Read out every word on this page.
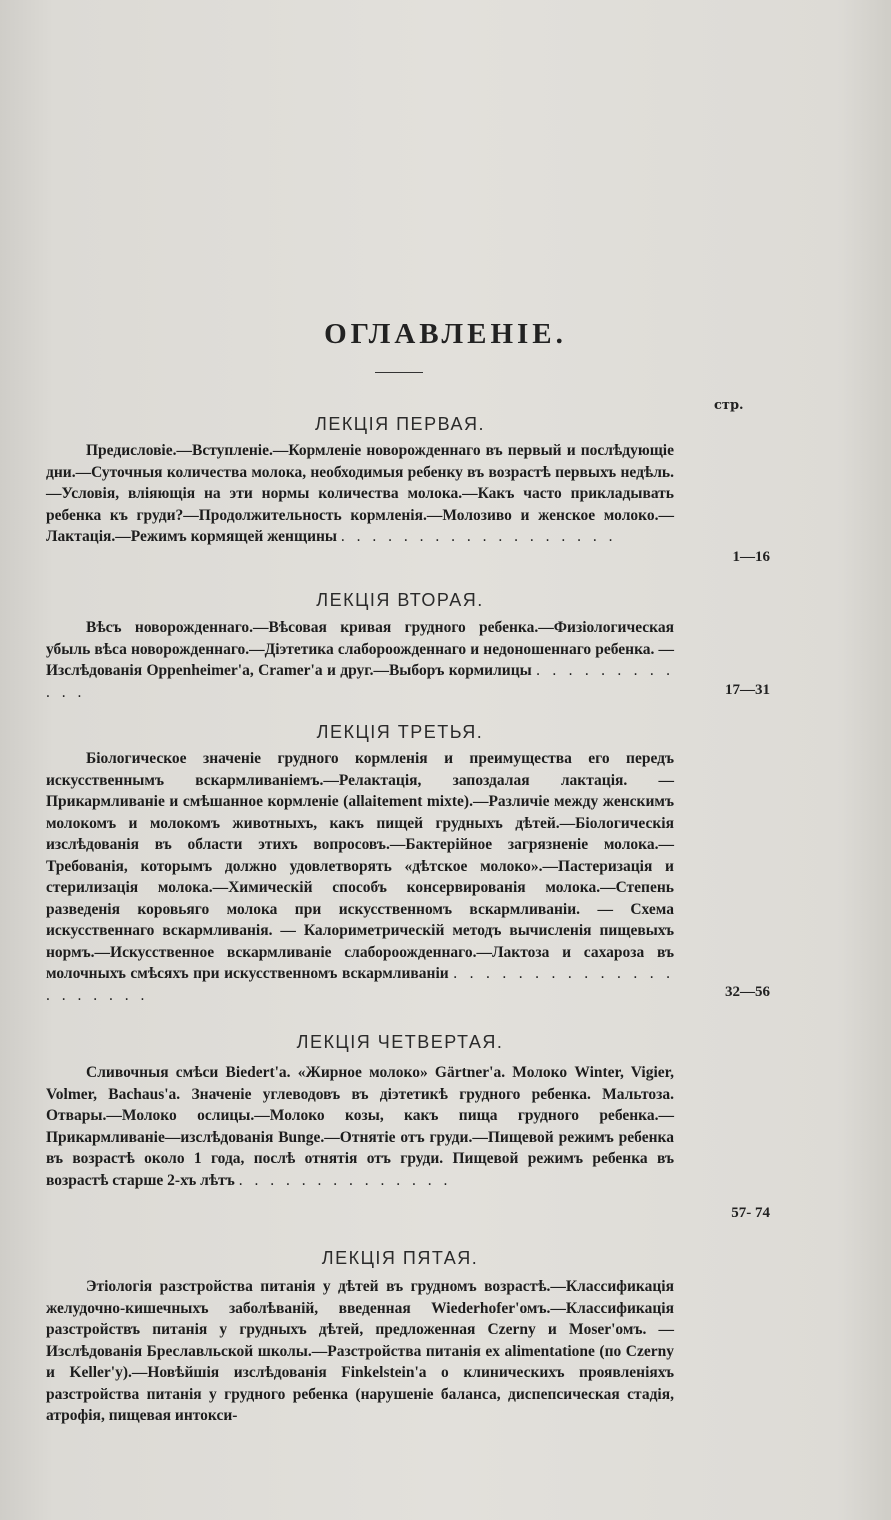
ОГЛАВЛЕНІЕ.
стр.
ЛЕКЦІЯ ПЕРВАЯ.
Предисловіе.—Вступленіе.—Кормленіе новорожденнаго въ первый и послѣдующіе дни.—Суточныя количества молока, необходимыя ребенку въ возрастѣ первыхъ недѣль.—Условія, вліяющія на эти нормы количества молока.—Какъ часто прикладывать ребенка къ груди?—Продолжительность кормленія.—Молозиво и женское молоко.—Лактація.—Режимъ кормящей женщины . . . . . . . . . . . . . . . . . .
1—16
ЛЕКЦІЯ ВТОРАЯ.
Вѣсъ новорожденнаго.—Вѣсовая кривая грудного ребенка.—Физіологическая убыль вѣса новорожденнаго.—Діэтетика слабороожденнаго и недоношеннаго ребенка. — Изслѣдованія Oppenheimer'а, Cramer'а и друг.—Выборъ кормилицы . . . . . . . . . . . .	17—31
ЛЕКЦІЯ ТРЕТЬЯ.
Біологическое значеніе грудного кормленія и преимущества его передъ искусственнымъ вскармливаніемъ.—Релактація, запоздалая лактація. — Прикармливаніе и смѣшанное кормленіе (allaitement mixte).—Различіе между женскимъ молокомъ и молокомъ животныхъ, какъ пищей грудныхъ дѣтей.—Біологическія изслѣдованія въ области этихъ вопросовъ.—Бактерійное загрязненіе молока.—Требованія, которымъ должно удовлетворять «дѣтское молоко».—Пастеризація и стерилизація молока.—Химическій способъ консервированія молока.—Степень разведенія коровьяго молока при искусственномъ вскармливаніи. — Схема искусственнаго вскармливанія. — Калориметрическій методъ вычисленія пищевыхъ нормъ.—Искусственное вскармливаніе слабороожденнаго.—Лактоза и сахароза въ молочныхъ смѣсяхъ при искусственномъ вскармливаніи . . . . . . . . . . . . . . . . . . . . .	32—56
ЛЕКЦІЯ ЧЕТВЕРТАЯ.
Сливочныя смѣси Biedert'а. «Жирное молоко» Gärtner'а. Молоко Winter, Vigier, Volmer, Bachaus'а. Значеніе углеводовъ въ діэтетикѣ грудного ребенка. Мальтоза. Отвары.—Молоко ослицы.—Молоко козы, какъ пища грудного ребенка.—Прикармливаніе—изслѣдованія Bunge.—Отнятіе отъ груди.—Пищевой режимъ ребенка въ возрастѣ около 1 года, послѣ отнятія отъ груди. Пищевой режимъ ребенка въ возрастѣ старше 2-хъ лѣтъ . . . . . . . . . . . . . .
57- 74
ЛЕКЦІЯ ПЯТАЯ.
Этіологія разстройства питанія у дѣтей въ грудномъ возрастѣ.—Классификація желудочно-кишечныхъ заболѣваній, введенная Wiederhofer'омъ.—Классификація разстройствъ питанія у грудныхъ дѣтей, предложенная Czerny и Moser'омъ. — Изслѣдованія Бреславльской школы.—Разстройства питанія ex alimentatione (по Czerny и Keller'у).—Новѣйшія изслѣдованія Finkelstein'а о клиническихъ проявленіяхъ разстройства питанія у грудного ребенка (нарушеніе баланса, диспепсическая стадія, атрофія, пищевая интокси-
